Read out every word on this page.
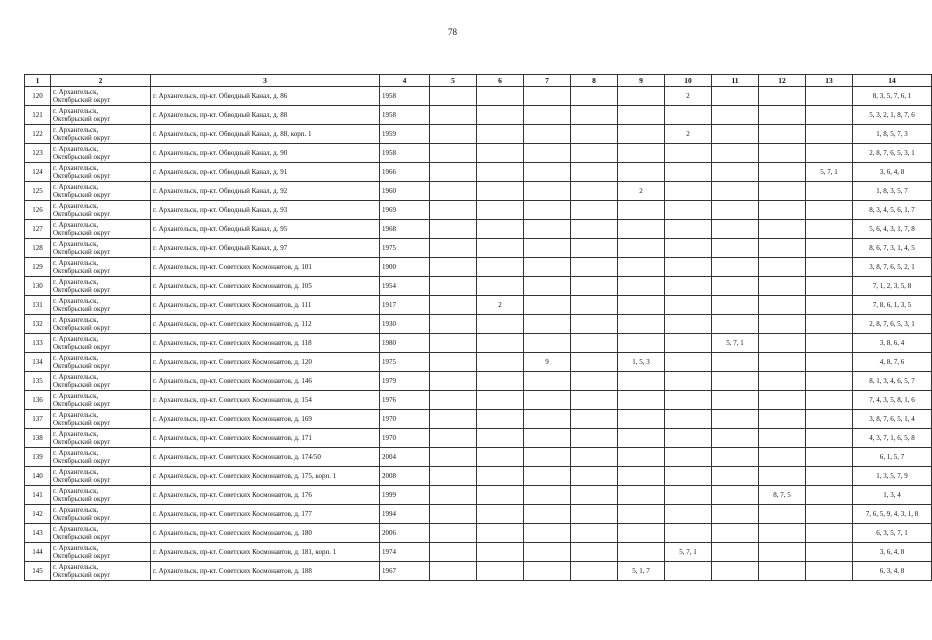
78
1	2	3	4	5	6	7	8	9	10	11	12	13	14
120	г. Архангельск,
Октябрьский округ	г. Архангельск, пр-кт. Обводный Канал, д. 86	1958						2				8, 3, 5, 7, 6, 1
121	г. Архангельск,
Октябрьский округ	г. Архангельск, пр-кт. Обводный Канал, д. 88	1958										5, 3, 2, 1, 8, 7, 6
122	г. Архангельск,
Октябрьский округ	г. Архангельск, пр-кт. Обводный Канал, д. 88, корп. 1	1959						2				1, 8, 5, 7, 3
123	г. Архангельск,
Октябрьский округ	г. Архангельск, пр-кт. Обводный Канал, д. 90	1958										2, 8, 7, 6, 5, 3, 1
124	г. Архангельск,
Октябрьский округ	г. Архангельск, пр-кт. Обводный Канал, д. 91	1966									5, 7, 1	3, 6, 4, 8
125	г. Архангельск,
Октябрьский округ	г. Архангельск, пр-кт. Обводный Канал, д. 92	1960					2					1, 8, 3, 5, 7
126	г. Архангельск,
Октябрьский округ	г. Архангельск, пр-кт. Обводный Канал, д. 93	1969										8, 3, 4, 5, 6, 1, 7
127	г. Архангельск,
Октябрьский округ	г. Архангельск, пр-кт. Обводный Канал, д. 95	1968										5, 6, 4, 3, 1, 7, 8
128	г. Архангельск,
Октябрьский округ	г. Архангельск, пр-кт. Обводный Канал, д. 97	1975										8, 6, 7, 3, 1, 4, 5
129	г. Архангельск,
Октябрьский округ	г. Архангельск, пр-кт. Советских Космонавтов, д. 101	1900										3, 8, 7, 6, 5, 2, 1
130	г. Архангельск,
Октябрьский округ	г. Архангельск, пр-кт. Советских Космонавтов, д. 105	1954										7, 1, 2, 3, 5, 8
131	г. Архангельск,
Октябрьский округ	г. Архангельск, пр-кт. Советских Космонавтов, д. 111	1917		2								7, 8, 6, 1, 3, 5
132	г. Архангельск,
Октябрьский округ	г. Архангельск, пр-кт. Советских Космонавтов, д. 112	1930										2, 8, 7, 6, 5, 3, 1
133	г. Архангельск,
Октябрьский округ	г. Архангельск, пр-кт. Советских Космонавтов, д. 118	1980							5, 7, 1			3, 8, 6, 4
134	г. Архангельск,
Октябрьский округ	г. Архангельск, пр-кт. Советских Космонавтов, д. 120	1975			9		1, 5, 3					4, 8, 7, 6
135	г. Архангельск,
Октябрьский округ	г. Архангельск, пр-кт. Советских Космонавтов, д. 146	1979										8, 1, 3, 4, 6, 5, 7
136	г. Архангельск,
Октябрьский округ	г. Архангельск, пр-кт. Советских Космонавтов, д. 154	1976										7, 4, 3, 5, 8, 1, 6
137	г. Архангельск,
Октябрьский округ	г. Архангельск, пр-кт. Советских Космонавтов, д. 169	1970										3, 8, 7, 6, 5, 1, 4
138	г. Архангельск,
Октябрьский округ	г. Архангельск, пр-кт. Советских Космонавтов, д. 171	1970										4, 3, 7, 1, 6, 5, 8
139	г. Архангельск,
Октябрьский округ	г. Архангельск, пр-кт. Советских Космонавтов, д. 174/50	2004										6, 1, 5, 7
140	г. Архангельск,
Октябрьский округ	г. Архангельск, пр-кт. Советских Космонавтов, д. 175, корп. 1	2008										1, 3, 5, 7, 9
141	г. Архангельск,
Октябрьский округ	г. Архангельск, пр-кт. Советских Космонавтов, д. 176	1999								8, 7, 5		1, 3, 4
142	г. Архангельск,
Октябрьский округ	г. Архангельск, пр-кт. Советских Космонавтов, д. 177	1994										7, 6, 5, 9, 4, 3, 1, 8
143	г. Архангельск,
Октябрьский округ	г. Архангельск, пр-кт. Советских Космонавтов, д. 180	2006										6, 3, 5, 7, 1
144	г. Архангельск,
Октябрьский округ	г. Архангельск, пр-кт. Советских Космонавтов, д. 181, корп. 1	1974						5, 7, 1				3, 6, 4, 8
145	г. Архангельск,
Октябрьский округ	г. Архангельск, пр-кт. Советских Космонавтов, д. 188	1967					5, 1, 7					6, 3, 4, 8
